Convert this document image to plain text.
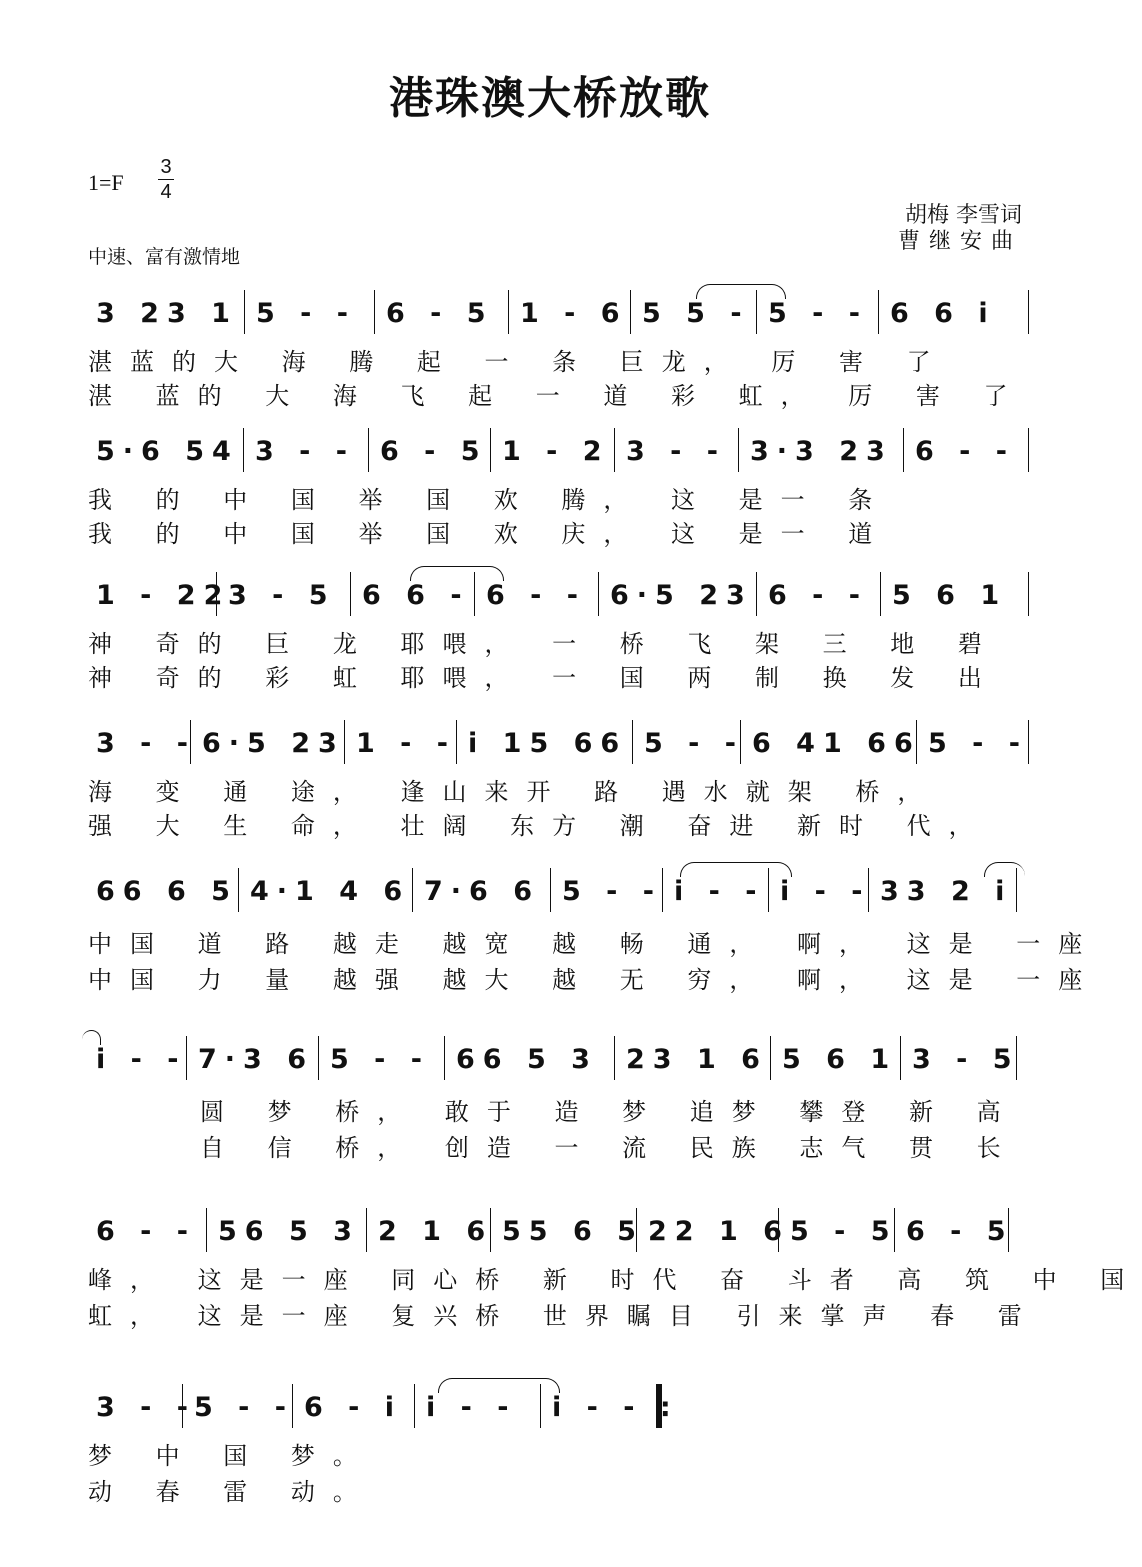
港珠澳大桥放歌
1=F
3
4
中速、富有激情地
胡梅 李雪词
曹继安曲
3 23 1 5 - -	6 - 5 1 - 6 5 5 - 5 - - 6 6 i
湛蓝的大 海 腾 起 一 条 巨龙， 厉 害 了
湛 蓝的 大 海 飞 起 一 道 彩 虹， 厉 害 了
5·6 54 3 - - 6 - 5 1 - 2 3 - - 3·3 23 6 - -
我 的 中 国 举 国 欢 腾， 这 是一 条
我 的 中 国 举 国 欢 庆， 这 是一 道
1 - 22
3 - 5 6 6 - 6 - - 6·5 23 6 - - 5 6 1
神 奇的 巨 龙 耶喂， 一 桥 飞 架 三 地 碧
神 奇的 彩 虹 耶喂， 一 国 两 制 换 发 出
3 - - 6·5 23 1 - - i 15 66 5 - - 6 41 66 5 - -
海 变 通 途， 逢山来开 路 遇水就架 桥，
强 大 生 命， 壮阔 东方 潮 奋进 新时 代，
66 6 5 4·1 4 6 7·6 6 5 - - i - - i - - 33 2 i
中国 道 路 越走 越宽 越 畅 通， 啊， 这是 一座
中国 力 量 越强 越大 越 无 穷， 啊， 这是 一座
i - - 7·3 6 5 - - 66 5 3	23 1 6 5 6 1 3 - 5
圆 梦 桥， 敢于 造 梦 追梦 攀登 新 高
自 信 桥， 创造 一 流 民族 志气 贯 长
6 - - 56 5 3 2 1 6 55 6 5 22 1 6 5 - 5 6 - 5
峰， 这是一座 同心桥 新 时代 奋 斗者 高 筑 中 国
虹， 这是一座 复兴桥 世界瞩目 引来掌声 春 雷
3 - -
5 - - 6 - i i - -	i - - :
梦 中 国 梦。
动 春 雷 动。
